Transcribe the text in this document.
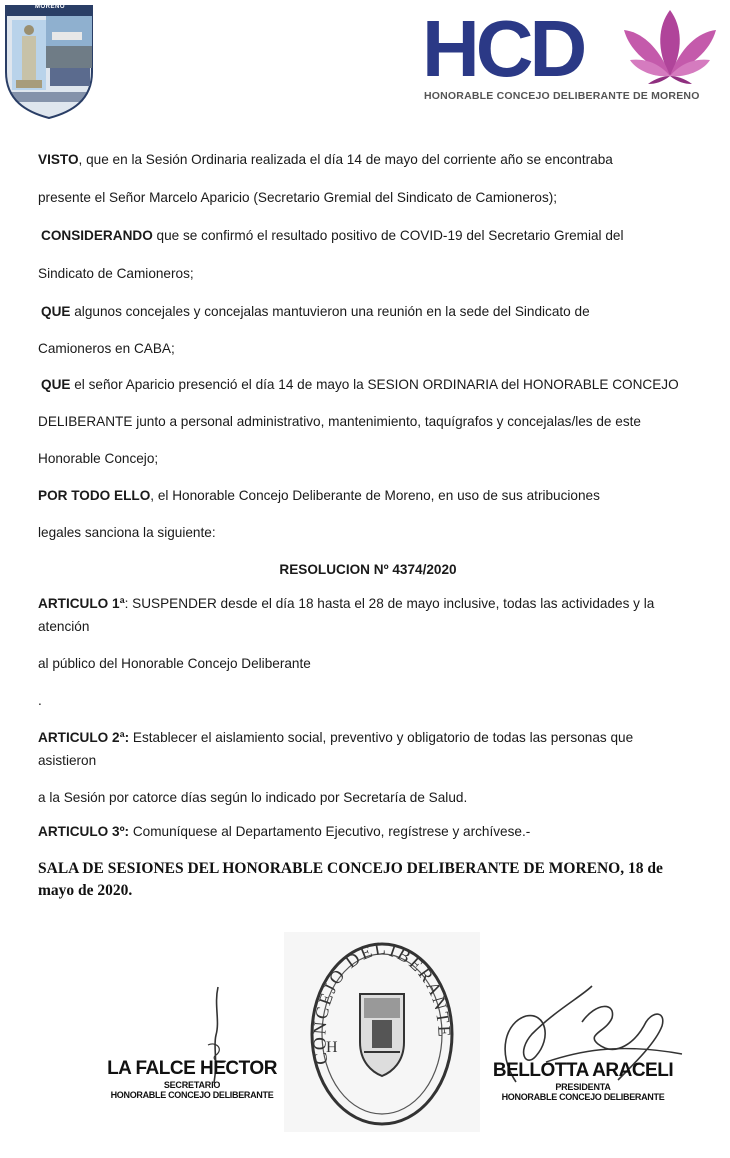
MORENO	HCD
HONORABLE CONCEJO DELIBERANTE DE MORENO
VISTO, que en la Sesión Ordinaria realizada el día 14 de mayo del corriente año se encontraba
presente el Señor Marcelo Aparicio (Secretario Gremial del Sindicato de Camioneros);
CONSIDERANDO que se confirmó el resultado positivo de COVID-19 del Secretario Gremial del
Sindicato de Camioneros;
QUE algunos concejales y concejalas mantuvieron una reunión en la sede del Sindicato de
Camioneros en CABA;
QUE el señor Aparicio presenció el día 14 de mayo la SESION ORDINARIA del HONORABLE CONCEJO
DELIBERANTE junto a personal administrativo, mantenimiento, taquígrafos y concejalas/les de este
Honorable Concejo;
POR TODO ELLO, el Honorable Concejo Deliberante de Moreno, en uso de sus atribuciones
legales sanciona la siguiente:
RESOLUCION Nº 4374/2020
ARTICULO 1ª: SUSPENDER desde el día 18 hasta el 28 de mayo inclusive, todas las actividades y la atención
al público del Honorable Concejo Deliberante
.
ARTICULO 2ª: Establecer el aislamiento social, preventivo y obligatorio de todas las personas que asistieron
a la Sesión por catorce días según lo indicado por Secretaría de Salud.
ARTICULO 3º: Comuníquese al Departamento Ejecutivo, regístrese y archívese.-
SALA DE SESIONES DEL HONORABLE CONCEJO DELIBERANTE DE MORENO, 18 de mayo de 2020.
LA FALCE HECTOR
SECRETARIO
HONORABLE CONCEJO DELIBERANTE
CONCEJO DELIBERANTE
H
BELLOTTA ARACELI
PRESIDENTA
HONORABLE CONCEJO DELIBERANTE
